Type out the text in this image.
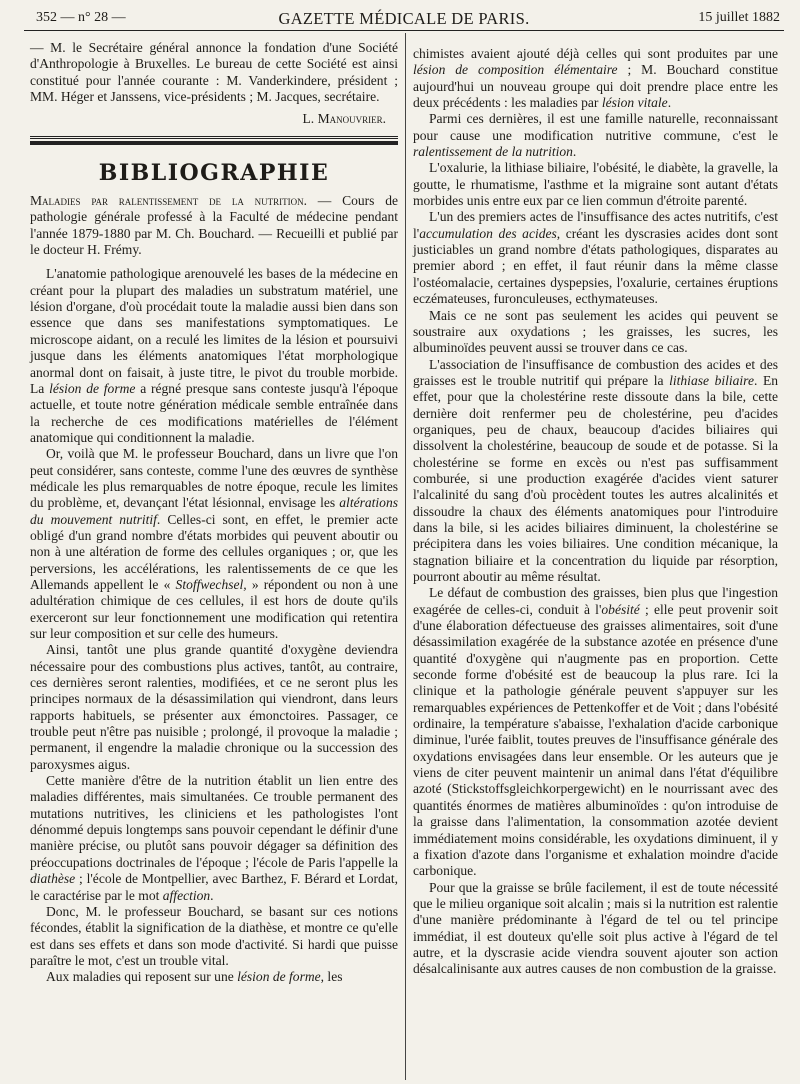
352 — n° 28 —	GAZETTE MÉDICALE DE PARIS.	15 juillet 1882

— M. le Secrétaire général annonce la fondation d'une Société d'Anthropologie à Bruxelles. Le bureau de cette Société est ainsi constitué pour l'année courante : M. Vanderkindere, président ; MM. Héger et Janssens, vice-présidents ; M. Jacques, secrétaire.

L. Manouvrier.
BIBLIOGRAPHIE

Maladies par ralentissement de la nutrition. — Cours de pathologie générale professé à la Faculté de médecine pendant l'année 1879-1880 par M. Ch. Bouchard. — Recueilli et publié par le docteur H. Frémy.

L'anatomie pathologique arenouvelé les bases de la médecine en créant pour la plupart des maladies un substratum matériel, une lésion d'organe, d'où procédait toute la maladie aussi bien dans son essence que dans ses manifestations symptomatiques. Le microscope aidant, on a reculé les limites de la lésion et poursuivi jusque dans les éléments anatomiques l'état morphologique anormal dont on faisait, à juste titre, le pivot du trouble morbide. La lésion de forme a régné presque sans conteste jusqu'à l'époque actuelle, et toute notre génération médicale semble entraînée dans la recherche de ces modifications matérielles de l'élément anatomique qui conditionnent la maladie.

Or, voilà que M. le professeur Bouchard, dans un livre que l'on peut considérer, sans conteste, comme l'une des œuvres de synthèse médicale les plus remarquables de notre époque, recule les limites du problème, et, devançant l'état lésionnal, envisage les altérations du mouvement nutritif. Celles-ci sont, en effet, le premier acte obligé d'un grand nombre d'états morbides qui peuvent aboutir ou non à une altération de forme des cellules organiques ; or, que les perversions, les accélérations, les ralentissements de ce que les Allemands appellent le « Stoffwechsel, » répondent ou non à une adultération chimique de ces cellules, il est hors de doute qu'ils exerceront sur leur fonctionnement une modification qui retentira sur leur composition et sur celle des humeurs.

Ainsi, tantôt une plus grande quantité d'oxygène deviendra nécessaire pour des combustions plus actives, tantôt, au contraire, ces dernières seront ralenties, modifiées, et ce ne seront plus les principes normaux de la désassimilation qui viendront, dans leurs rapports habituels, se présenter aux émonctoires. Passager, ce trouble peut n'être pas nuisible ; prolongé, il provoque la maladie ; permanent, il engendre la maladie chronique ou la succession des paroxysmes aigus.

Cette manière d'être de la nutrition établit un lien entre des maladies différentes, mais simultanées. Ce trouble permanent des mutations nutritives, les cliniciens et les pathologistes l'ont dénommé depuis longtemps sans pouvoir cependant le définir d'une manière précise, ou plutôt sans pouvoir dégager sa définition des préoccupations doctrinales de l'époque ; l'école de Paris l'appelle la diathèse ; l'école de Montpellier, avec Barthez, F. Bérard et Lordat, le caractérise par le mot affection.

Donc, M. le professeur Bouchard, se basant sur ces notions fécondes, établit la signification de la diathèse, et montre ce qu'elle est dans ses effets et dans son mode d'activité. Si hardi que puisse paraître le mot, c'est un trouble vital.

Aux maladies qui reposent sur une lésion de forme, les

chimistes avaient ajouté déjà celles qui sont produites par une lésion de composition élémentaire ; M. Bouchard constitue aujourd'hui un nouveau groupe qui doit prendre place entre les deux précédents : les maladies par lésion vitale.

Parmi ces dernières, il est une famille naturelle, reconnaissant pour cause une modification nutritive commune, c'est le ralentissement de la nutrition.

L'oxalurie, la lithiase biliaire, l'obésité, le diabète, la gravelle, la goutte, le rhumatisme, l'asthme et la migraine sont autant d'états morbides unis entre eux par ce lien commun d'étroite parenté.

L'un des premiers actes de l'insuffisance des actes nutritifs, c'est l'accumulation des acides, créant les dyscrasies acides dont sont justiciables un grand nombre d'états pathologiques, disparates au premier abord ; en effet, il faut réunir dans la même classe l'ostéomalacie, certaines dyspepsies, l'oxalurie, certaines éruptions eczémateuses, furonculeuses, ecthymateuses.

Mais ce ne sont pas seulement les acides qui peuvent se soustraire aux oxydations ; les graisses, les sucres, les albuminoïdes peuvent aussi se trouver dans ce cas.

L'association de l'insuffisance de combustion des acides et des graisses est le trouble nutritif qui prépare la lithiase biliaire. En effet, pour que la cholestérine reste dissoute dans la bile, cette dernière doit renfermer peu de cholestérine, peu d'acides organiques, peu de chaux, beaucoup d'acides biliaires qui dissolvent la cholestérine, beaucoup de soude et de potasse. Si la cholestérine se forme en excès ou n'est pas suffisamment comburée, si une production exagérée d'acides vient saturer l'alcalinité du sang d'où procèdent toutes les autres alcalinités et dissoudre la chaux des éléments anatomiques pour l'introduire dans la bile, si les acides biliaires diminuent, la cholestérine se précipitera dans les voies biliaires. Une condition mécanique, la stagnation biliaire et la concentration du liquide par résorption, pourront aboutir au même résultat.

Le défaut de combustion des graisses, bien plus que l'ingestion exagérée de celles-ci, conduit à l'obésité ; elle peut provenir soit d'une élaboration défectueuse des graisses alimentaires, soit d'une désassimilation exagérée de la substance azotée en présence d'une quantité d'oxygène qui n'augmente pas en proportion. Cette seconde forme d'obésité est de beaucoup la plus rare. Ici la clinique et la pathologie générale peuvent s'appuyer sur les remarquables expériences de Pettenkoffer et de Voit ; dans l'obésité ordinaire, la température s'abaisse, l'exhalation d'acide carbonique diminue, l'urée faiblit, toutes preuves de l'insuffisance générale des oxydations envisagées dans leur ensemble. Or les auteurs que je viens de citer peuvent maintenir un animal dans l'état d'équilibre azoté (Stickstoffsgleichkorpergewicht) en le nourrissant avec des quantités énormes de matières albuminoïdes : qu'on introduise de la graisse dans l'alimentation, la consommation azotée devient immédiatement moins considérable, les oxydations diminuent, il y a fixation d'azote dans l'organisme et exhalation moindre d'acide carbonique.

Pour que la graisse se brûle facilement, il est de toute nécessité que le milieu organique soit alcalin ; mais si la nutrition est ralentie d'une manière prédominante à l'égard de tel ou tel principe immédiat, il est douteux qu'elle soit plus active à l'égard de tel autre, et la dyscrasie acide viendra souvent ajouter son action désalcalinisante aux autres causes de non combustion de la graisse.
